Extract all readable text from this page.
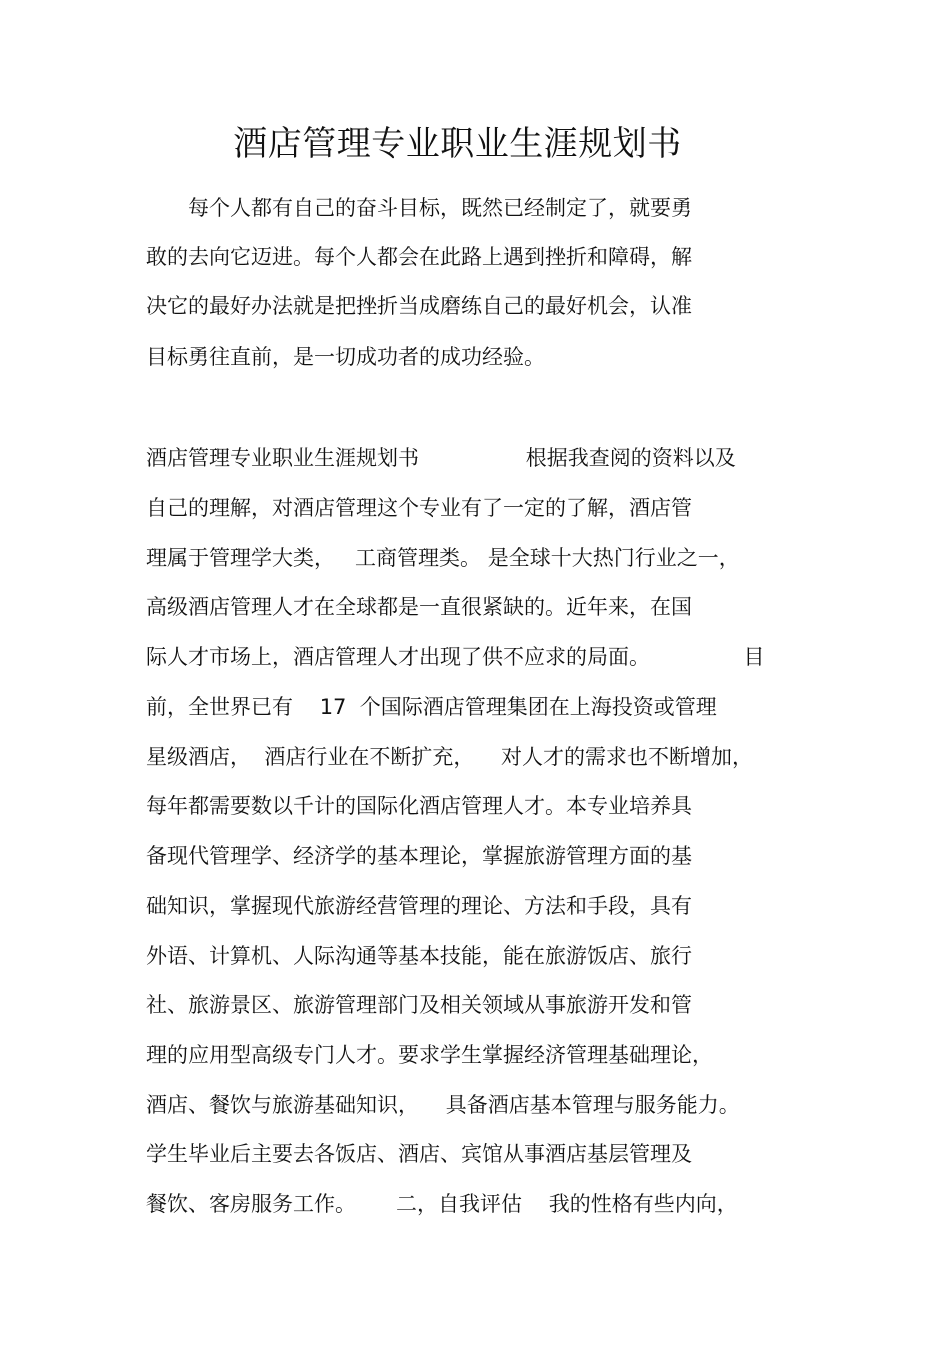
酒店管理专业职业生涯规划书
　　每个人都有自己的奋斗目标，既然已经制定了，就要勇
敢的去向它迈进。每个人都会在此路上遇到挫折和障碍，解
决它的最好办法就是把挫折当成磨练自己的最好机会，认准
目标勇往直前，是一切成功者的成功经验。
酒店管理专业职业生涯规划书                根据我查阅的资料以及
自己的理解，对酒店管理这个专业有了一定的了解，酒店管
理属于管理学大类，   工商管理类。 是全球十大热门行业之一，
高级酒店管理人才在全球都是一直很紧缺的。近年来，在国
际人才市场上，酒店管理人才出现了供不应求的局面。              目
前，全世界已有    17  个国际酒店管理集团在上海投资或管理
星级酒店，  酒店行业在不断扩充，    对人才的需求也不断增加，
每年都需要数以千计的国际化酒店管理人才。本专业培养具
备现代管理学、经济学的基本理论，掌握旅游管理方面的基
础知识，掌握现代旅游经营管理的理论、方法和手段，具有
外语、计算机、人际沟通等基本技能，能在旅游饭店、旅行
社、旅游景区、旅游管理部门及相关领域从事旅游开发和管
理的应用型高级专门人才。要求学生掌握经济管理基础理论，
酒店、餐饮与旅游基础知识，    具备酒店基本管理与服务能力。
学生毕业后主要去各饭店、酒店、宾馆从事酒店基层管理及
餐饮、客房服务工作。      二，自我评估    我的性格有些内向，
